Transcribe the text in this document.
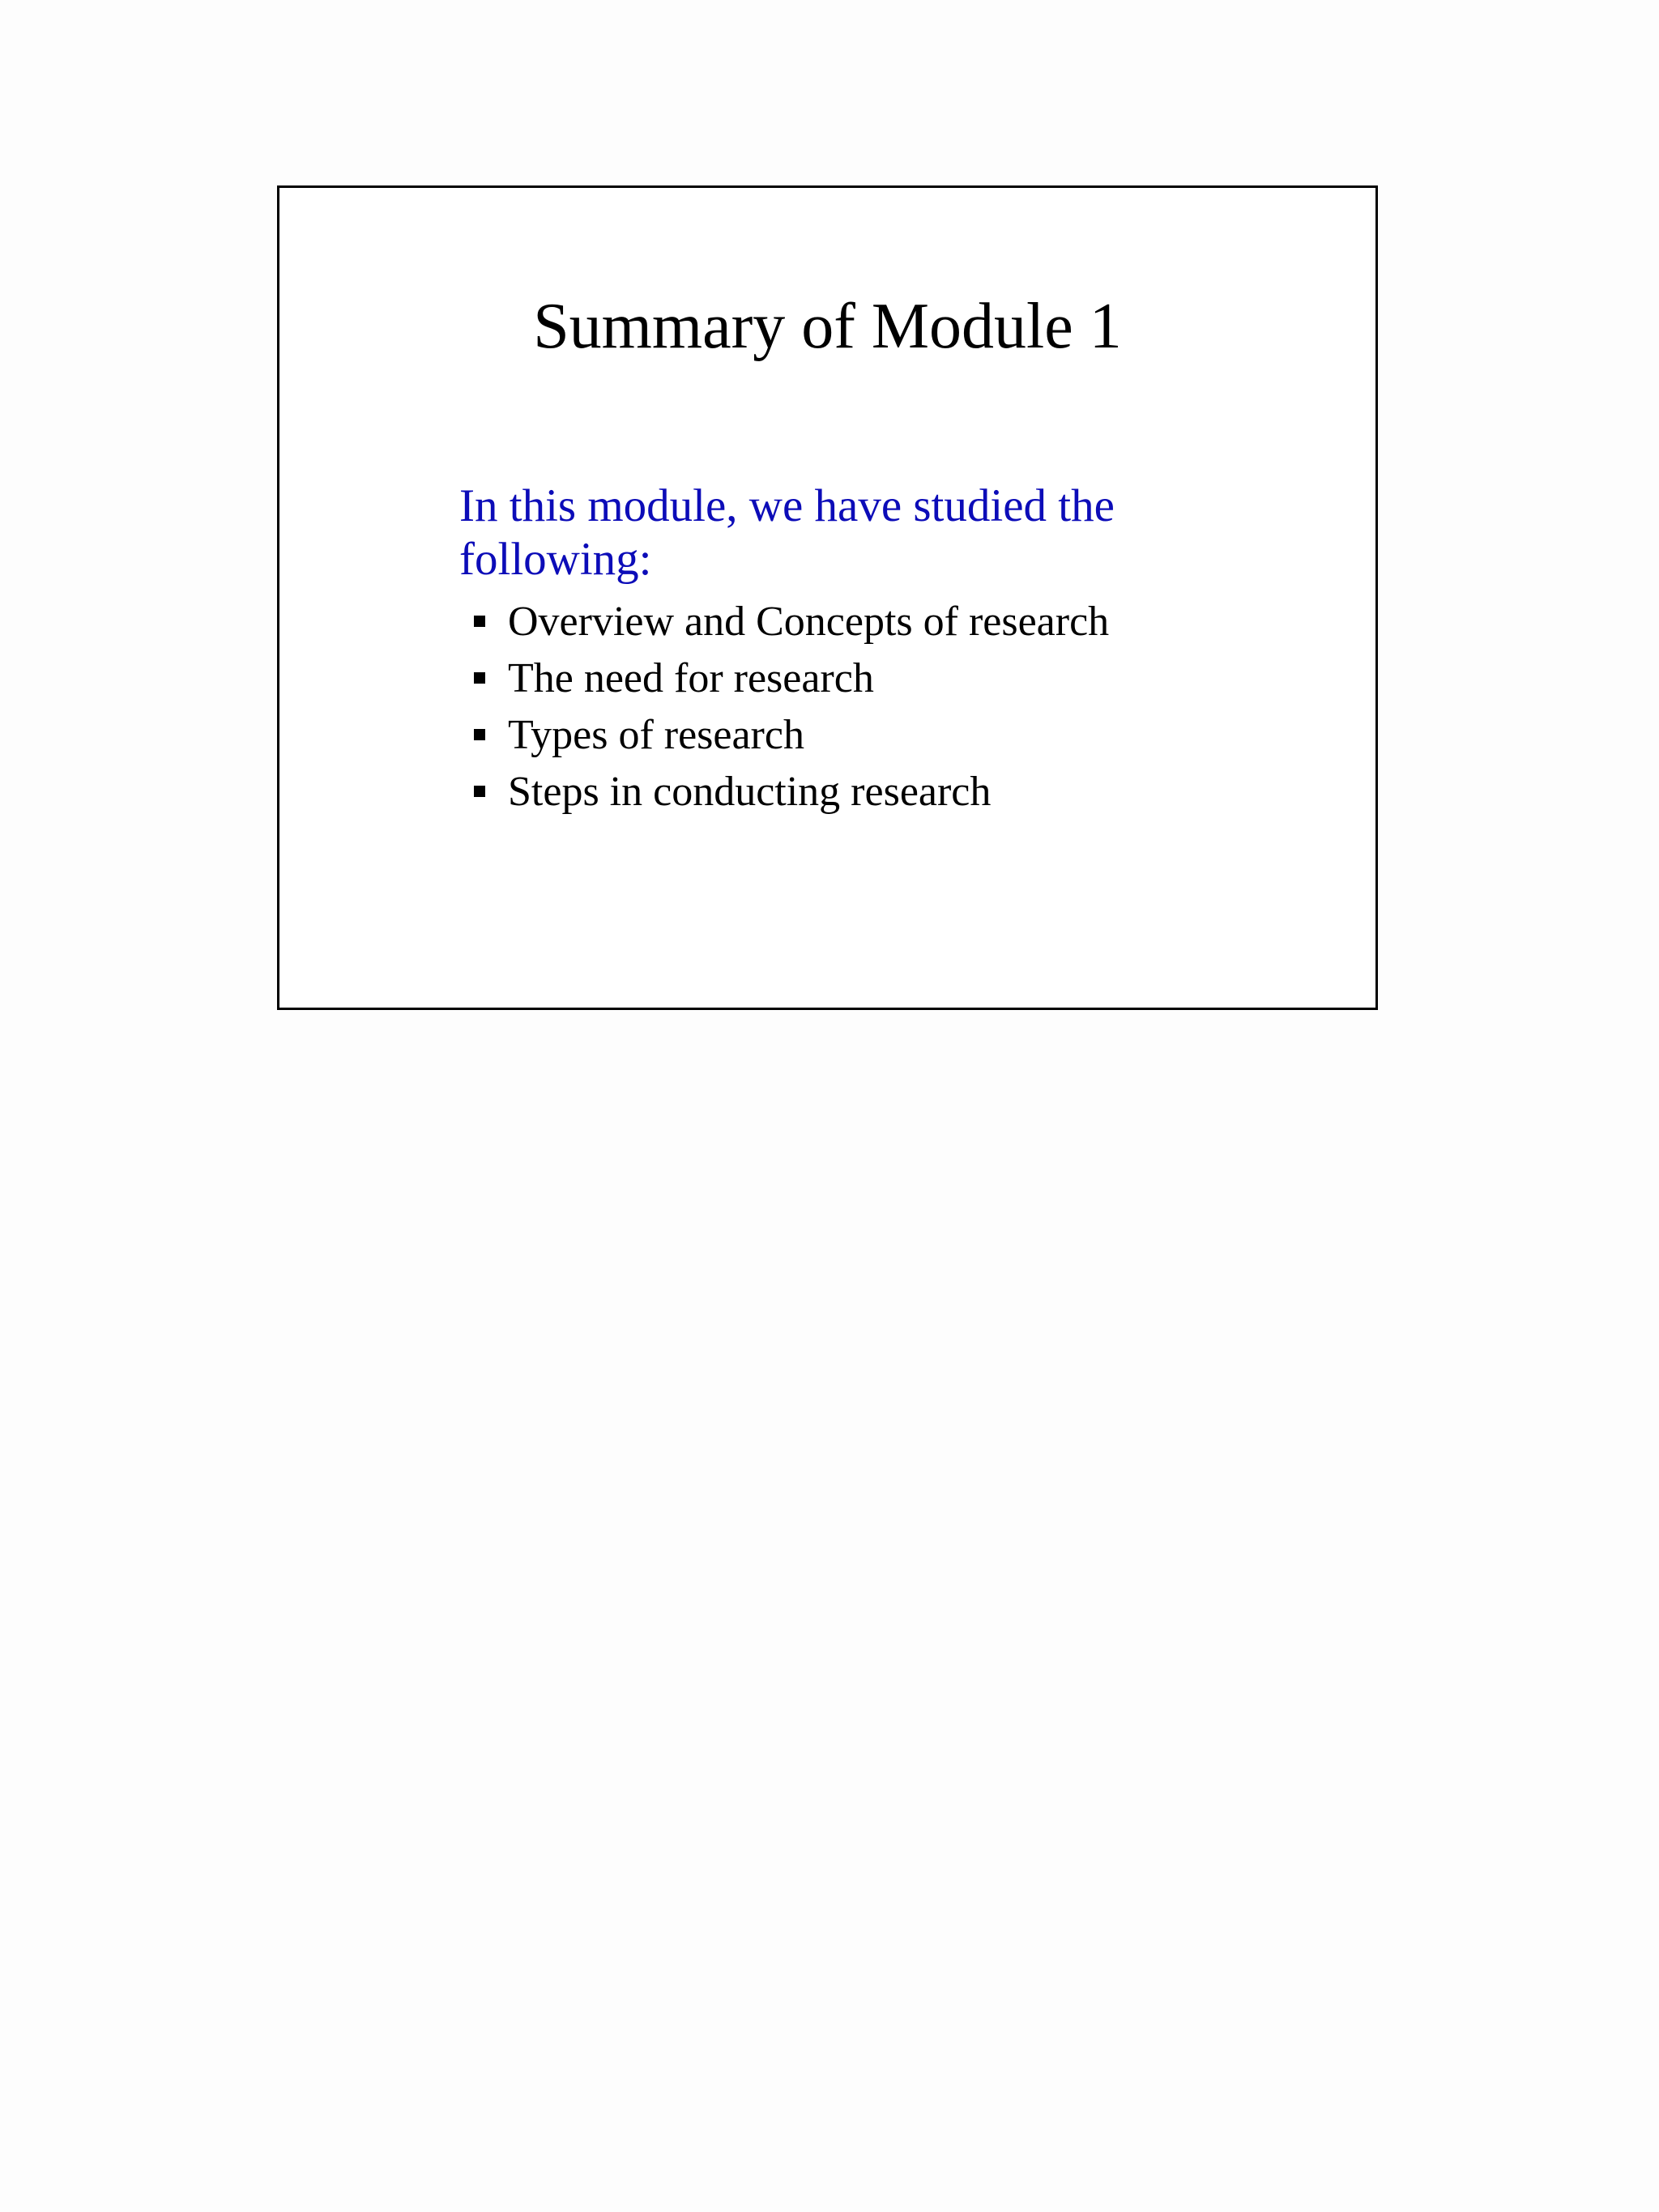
Summary of Module 1

In this module, we have studied the following:

Overview and Concepts of research
The need for research
Types of research
Steps in conducting research
